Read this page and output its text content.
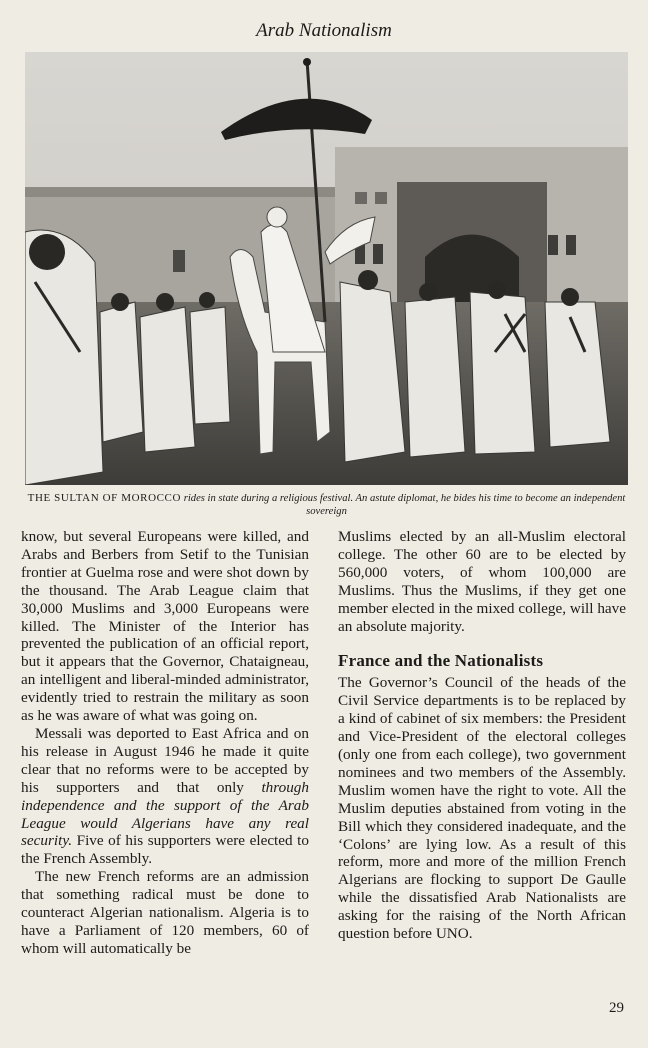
Arab Nationalism
THE SULTAN OF MOROCCO rides in state during a religious festival. An astute diplomat, he bides his time to become an independent sovereign

know, but several Europeans were killed, and Arabs and Berbers from Setif to the Tunisian frontier at Guelma rose and were shot down by the thousand. The Arab League claim that 30,000 Muslims and 3,000 Europeans were killed. The Minister of the Interior has prevented the publication of an official report, but it appears that the Governor, Chataigneau, an intelligent and liberal-minded administrator, evidently tried to restrain the military as soon as he was aware of what was going on.

Messali was deported to East Africa and on his release in August 1946 he made it quite clear that no reforms were to be accepted by his supporters and that only through independence and the support of the Arab League would Algerians have any real security. Five of his supporters were elected to the French Assembly.

The new French reforms are an admission that something radical must be done to counteract Algerian nationalism. Algeria is to have a Parliament of 120 members, 60 of whom will automatically be

Muslims elected by an all-Muslim electoral college. The other 60 are to be elected by 560,000 voters, of whom 100,000 are Muslims. Thus the Muslims, if they get one member elected in the mixed college, will have an absolute majority.

France and the Nationalists

The Governor’s Council of the heads of the Civil Service departments is to be replaced by a kind of cabinet of six members: the President and Vice-President of the electoral colleges (only one from each college), two government nominees and two members of the Assembly. Muslim women have the right to vote. All the Muslim deputies abstained from voting in the Bill which they considered inadequate, and the ‘Colons’ are lying low. As a result of this reform, more and more of the million French Algerians are flocking to support De Gaulle while the dissatisfied Arab Nationalists are asking for the raising of the North African question before UNO.

29
